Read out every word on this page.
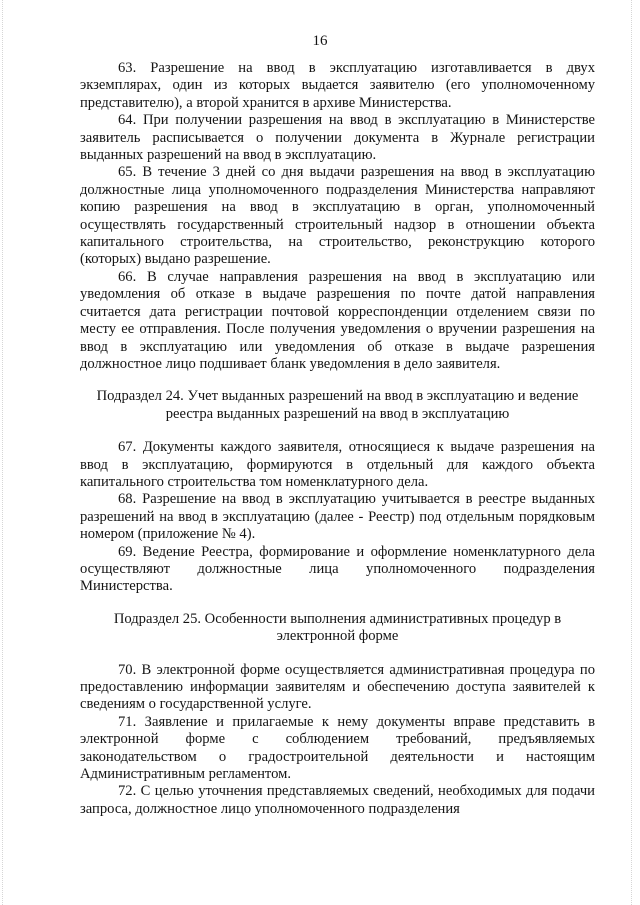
16

63. Разрешение на ввод в эксплуатацию изготавливается в двух экземплярах, один из которых выдается заявителю (его уполномоченному представителю), а второй хранится в архиве Министерства.

64. При получении разрешения на ввод в эксплуатацию в Министерстве заявитель расписывается о получении документа в Журнале регистрации выданных разрешений на ввод в эксплуатацию.

65. В течение 3 дней со дня выдачи разрешения на ввод в эксплуатацию должностные лица уполномоченного подразделения Министерства направляют копию разрешения на ввод в эксплуатацию в орган, уполномоченный осуществлять государственный строительный надзор в отношении объекта капитального строительства, на строительство, реконструкцию которого (которых) выдано разрешение.

66. В случае направления разрешения на ввод в эксплуатацию или уведомления об отказе в выдаче разрешения по почте датой направления считается дата регистрации почтовой корреспонденции отделением связи по месту ее отправления. После получения уведомления о вручении разрешения на ввод в эксплуатацию или уведомления об отказе в выдаче разрешения должностное лицо подшивает бланк уведомления в дело заявителя.

Подраздел 24. Учет выданных разрешений на ввод в эксплуатацию и ведение реестра выданных разрешений на ввод в эксплуатацию

67. Документы каждого заявителя, относящиеся к выдаче разрешения на ввод в эксплуатацию, формируются в отдельный для каждого объекта капитального строительства том номенклатурного дела.

68. Разрешение на ввод в эксплуатацию учитывается в реестре выданных разрешений на ввод в эксплуатацию (далее - Реестр) под отдельным порядковым номером (приложение № 4).

69. Ведение Реестра, формирование и оформление номенклатурного дела осуществляют должностные лица уполномоченного подразделения Министерства.

Подраздел 25. Особенности выполнения административных процедур в электронной форме

70. В электронной форме осуществляется административная процедура по предоставлению информации заявителям и обеспечению доступа заявителей к сведениям о государственной услуге.

71. Заявление и прилагаемые к нему документы вправе представить в электронной форме с соблюдением требований, предъявляемых законодательством о градостроительной деятельности и настоящим Административным регламентом.

72. С целью уточнения представляемых сведений, необходимых для подачи запроса, должностное лицо уполномоченного подразделения
